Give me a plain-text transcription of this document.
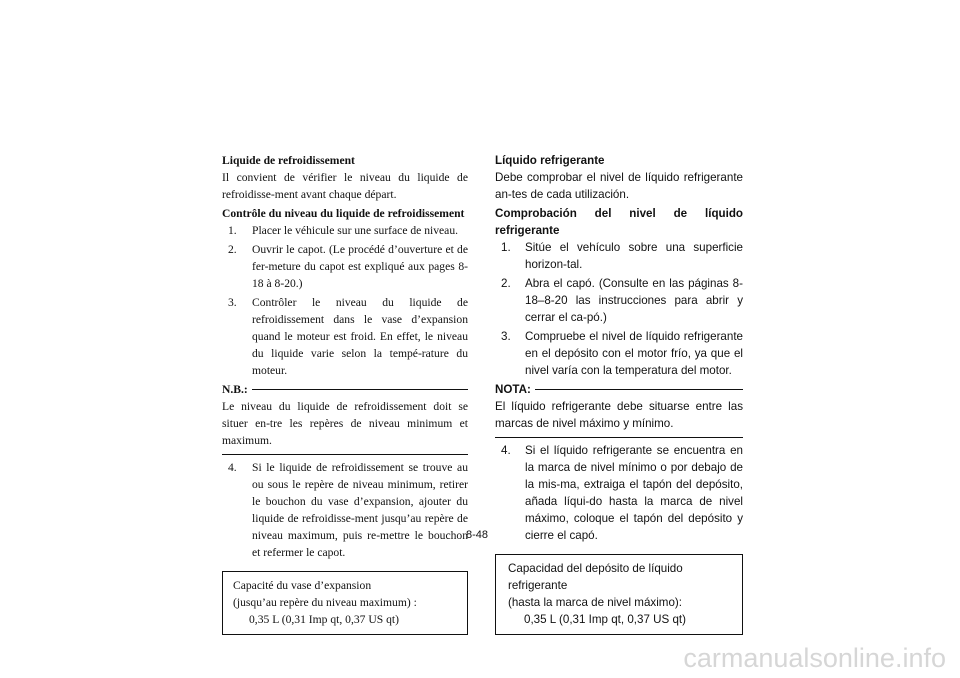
Liquide de refroidissement

Il convient de vérifier le niveau du liquide de refroidisse-ment avant chaque départ.

Contrôle du niveau du liquide de refroidissement

1.	Placer le véhicule sur une surface de niveau.
2.	Ouvrir le capot. (Le procédé d’ouverture et de fer-meture du capot est expliqué aux pages 8-18 à 8-20.)
3.	Contrôler le niveau du liquide de refroidissement dans le vase d’expansion quand le moteur est froid. En effet, le niveau du liquide varie selon la tempé-rature du moteur.
N.B.:

Le niveau du liquide de refroidissement doit se situer en-tre les repères de niveau minimum et maximum.

4.	Si le liquide de refroidissement se trouve au ou sous le repère de niveau minimum, retirer le bouchon du vase d’expansion, ajouter du liquide de refroidisse-ment jusqu’au repère de niveau maximum, puis re-mettre le bouchon et refermer le capot.
Capacité du vase d’expansion
(jusqu’au repère du niveau maximum) :
0,35 L (0,31 Imp qt, 0,37 US qt)

Líquido refrigerante

Debe comprobar el nivel de líquido refrigerante an-tes de cada utilización.

Comprobación del nivel de líquido refrigerante

1.	Sitúe el vehículo sobre una superficie horizon-tal.
2.	Abra el capó. (Consulte en las páginas 8-18–8-20 las instrucciones para abrir y cerrar el ca-pó.)
3.	Compruebe el nivel de líquido refrigerante en el depósito con el motor frío, ya que el nivel varía con la temperatura del motor.
NOTA:

El líquido refrigerante debe situarse entre las marcas de nivel máximo y mínimo.

4.	Si el líquido refrigerante se encuentra en la marca de nivel mínimo o por debajo de la mis-ma, extraiga el tapón del depósito, añada líqui-do hasta la marca de nivel máximo, coloque el tapón del depósito y cierre el capó.
Capacidad del depósito de líquido refrigerante
(hasta la marca de nivel máximo):
0,35 L (0,31 Imp qt, 0,37 US qt)
8-48
carmanualsonline.info
